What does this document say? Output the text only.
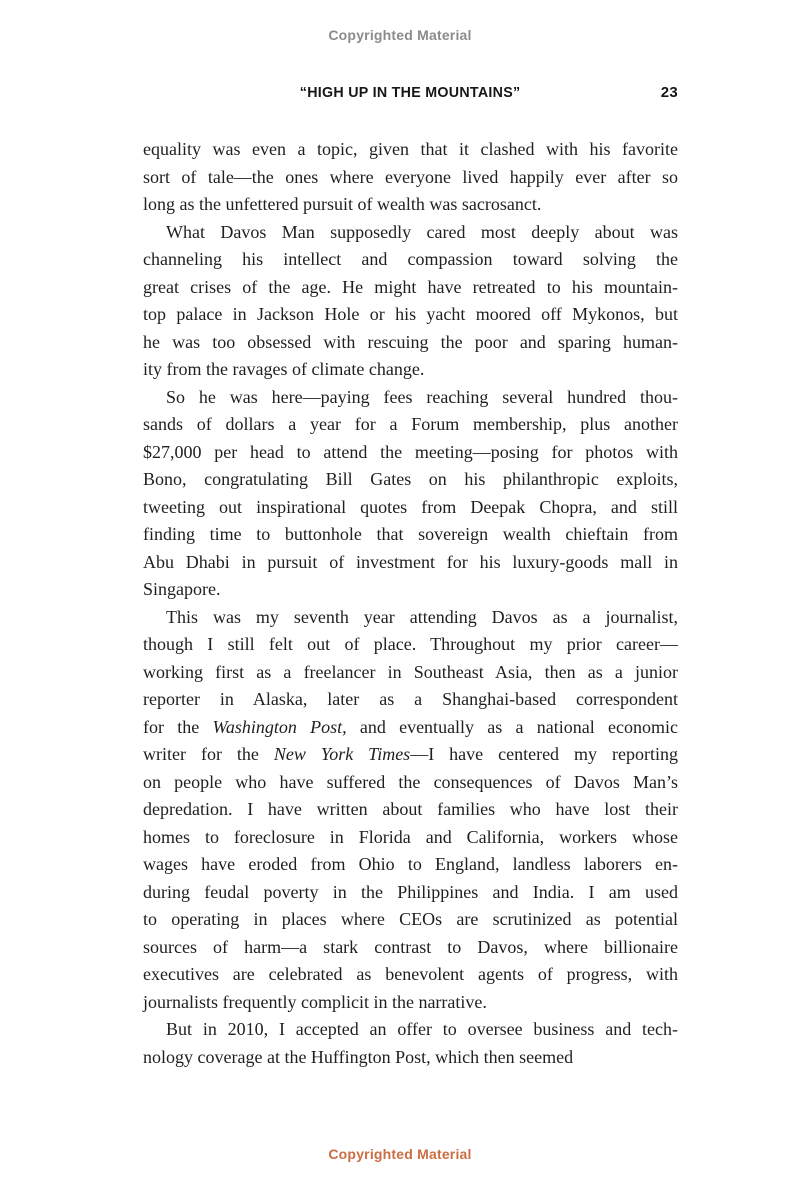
Copyrighted Material
“HIGH UP IN THE MOUNTAINS”	23
equality was even a topic, given that it clashed with his favorite
sort of tale—the ones where everyone lived happily ever after so
long as the unfettered pursuit of wealth was sacrosanct.
What Davos Man supposedly cared most deeply about was
channeling his intellect and compassion toward solving the
great crises of the age. He might have retreated to his mountain-
top palace in Jackson Hole or his yacht moored off Mykonos, but
he was too obsessed with rescuing the poor and sparing human-
ity from the ravages of climate change.
So he was here—paying fees reaching several hundred thou-
sands of dollars a year for a Forum membership, plus another
$27,000 per head to attend the meeting—posing for photos with
Bono, congratulating Bill Gates on his philanthropic exploits,
tweeting out inspirational quotes from Deepak Chopra, and still
finding time to buttonhole that sovereign wealth chieftain from
Abu Dhabi in pursuit of investment for his luxury-goods mall in
Singapore.
This was my seventh year attending Davos as a journalist,
though I still felt out of place. Throughout my prior career—
working first as a freelancer in Southeast Asia, then as a junior
reporter in Alaska, later as a Shanghai-based correspondent
for the Washington Post, and eventually as a national economic
writer for the New York Times—I have centered my reporting
on people who have suffered the consequences of Davos Man’s
depredation. I have written about families who have lost their
homes to foreclosure in Florida and California, workers whose
wages have eroded from Ohio to England, landless laborers en-
during feudal poverty in the Philippines and India. I am used
to operating in places where CEOs are scrutinized as potential
sources of harm—a stark contrast to Davos, where billionaire
executives are celebrated as benevolent agents of progress, with
journalists frequently complicit in the narrative.
But in 2010, I accepted an offer to oversee business and tech-
nology coverage at the Huffington Post, which then seemed
Copyrighted Material
